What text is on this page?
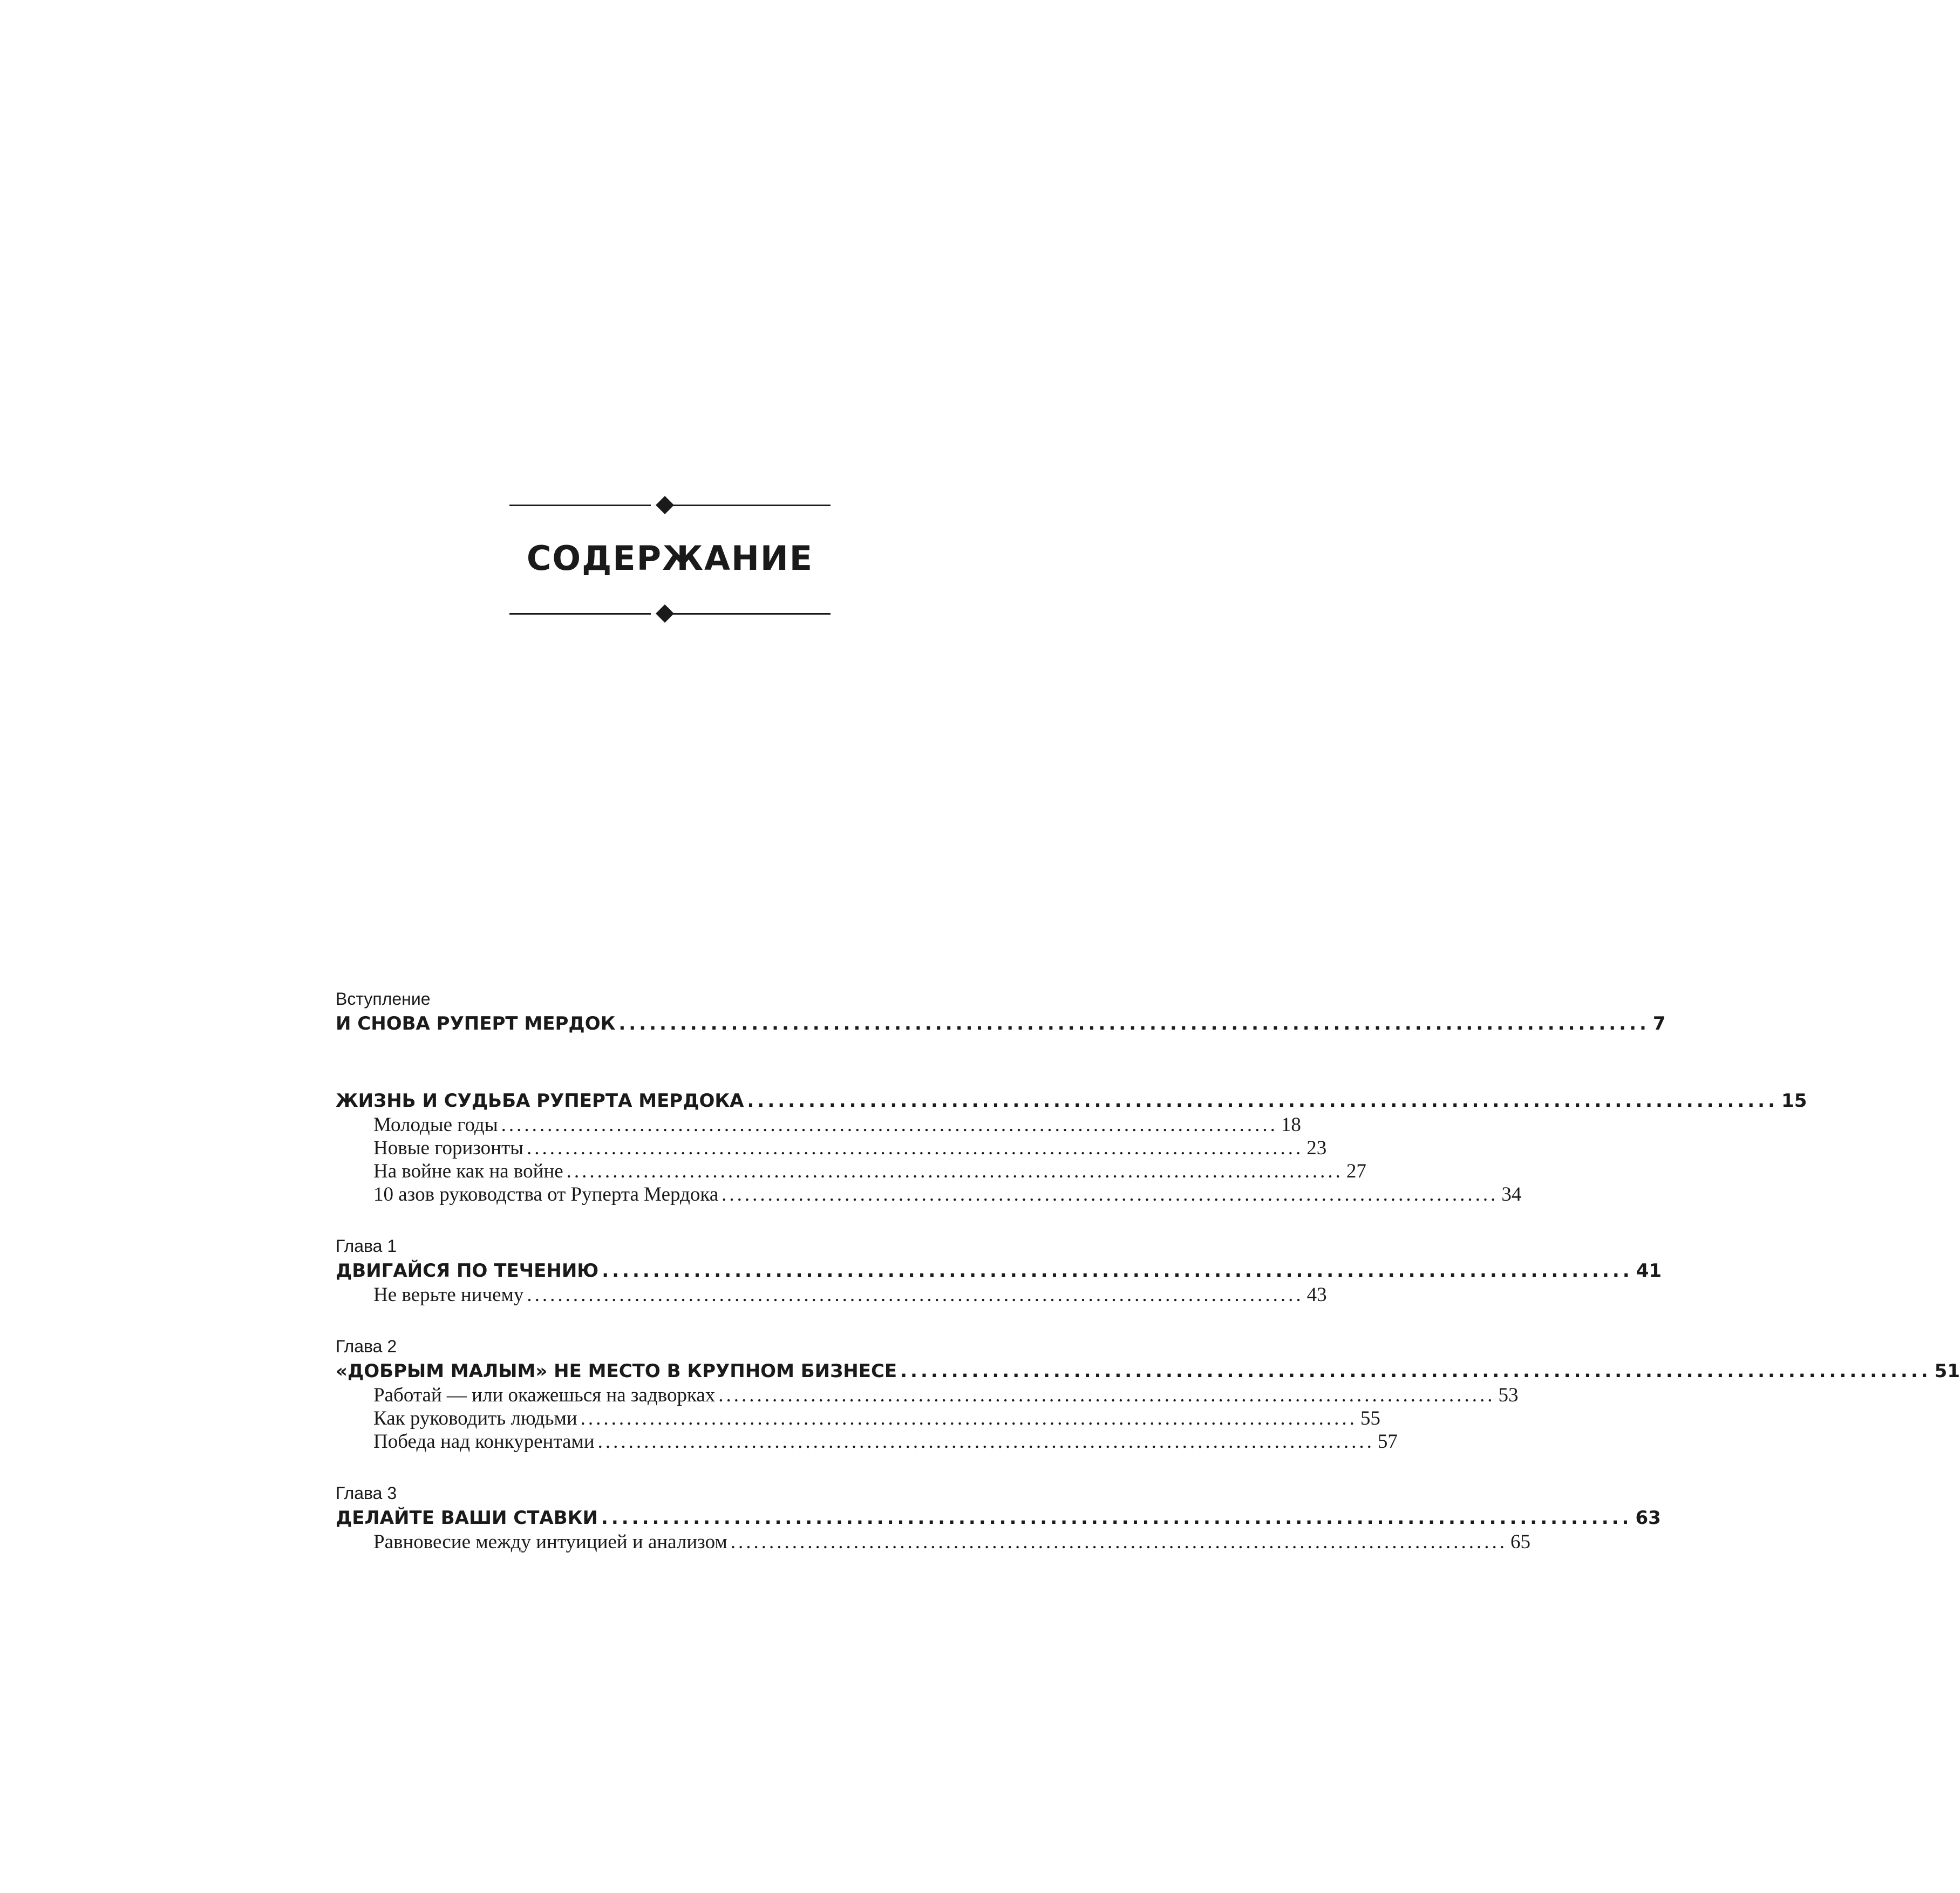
СОДЕРЖАНИЕ
Вступление
И СНОВА РУПЕРТ МЕРДОК ..................................................................................................... 7
ЖИЗНЬ И СУДЬБА РУПЕРТА МЕРДОКА ..................................................................................................... 15
Молодые годы ..................................................................................................... 18
Новые горизонты ..................................................................................................... 23
На войне как на войне ..................................................................................................... 27
10 азов руководства от Руперта Мердока ..................................................................................................... 34
Глава 1
ДВИГАЙСЯ ПО ТЕЧЕНИЮ ..................................................................................................... 41
Не верьте ничему ..................................................................................................... 43
Глава 2
«ДОБРЫМ МАЛЫМ» НЕ МЕСТО В КРУПНОМ БИЗНЕСЕ ..................................................................................................... 51
Работай — или окажешься на задворках ..................................................................................................... 53
Как руководить людьми ..................................................................................................... 55
Победа над конкурентами ..................................................................................................... 57
Глава 3
ДЕЛАЙТЕ ВАШИ СТАВКИ ..................................................................................................... 63
Равновесие между интуицией и анализом ..................................................................................................... 65
